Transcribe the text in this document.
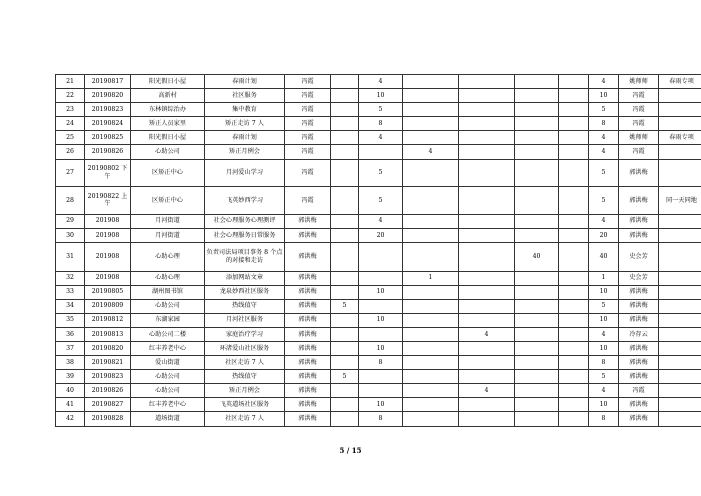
21	20190817	阳光假日小屋	春雨计划	冯霞		4					4	姚师师	春雨专项
22	20190820	高新村	社区服务	冯霞		10					10	冯霞	
23	20190823	东林镇综治办	集中教育	冯霞		5					5	冯霞	
24	20190824	矫正人员家里	矫正走访 7 人	冯霞		8					8	冯霞	
25	20190825	阳光假日小屋	春雨计划	冯霞		4					4	姚师师	春雨专项
26	20190826	心助公司	矫正月例会	冯霞			4				4	冯霞	
27	20190802 下午	区矫正中心	月河爱山学习	冯霞		5					5	郭洪梅	
28	20190822 上午	区矫正中心	飞英妙西学习	冯霞		5					5	郭洪梅	同一天同地
29	201908	月河街道	社会心理服务心理测评	郭洪梅		4					4	郭洪梅	
30	201908	月河街道	社会心理服务日常服务	郭洪梅		20					20	郭洪梅	
31	201908	心助心理	负责司法局项目事务 8 个点的对接和走访	郭洪梅					40		40	史会芳	
32	201908	心助心理	添加网站文章	郭洪梅			1				1	史会芳	
33	20190805	湖州图书馆	龙泉妙西社区服务	郭洪梅		10					10	郭洪梅	
34	20190809	心助公司	热线值守	郭洪梅	5						5	郭洪梅	
35	20190812	东湖家园	月河社区服务	郭洪梅		10					10	郭洪梅	
36	20190813	心助公司二楼	家庭治疗学习	郭洪梅				4			4	冷存云	
37	20190820	红丰养老中心	环渚爱山社区服务	郭洪梅		10					10	郭洪梅	
38	20190821	爱山街道	社区走访 7 人	郭洪梅		8					8	郭洪梅	
39	20190823	心助公司	热线值守	郭洪梅	5						5	郭洪梅	
40	20190826	心助公司	矫正月例会	郭洪梅				4			4	冯霞	
41	20190827	红丰养老中心	飞英道场社区服务	郭洪梅		10					10	郭洪梅	
42	20190828	道场街道	社区走访 7 人	郭洪梅		8					8	郭洪梅	
5 / 15
